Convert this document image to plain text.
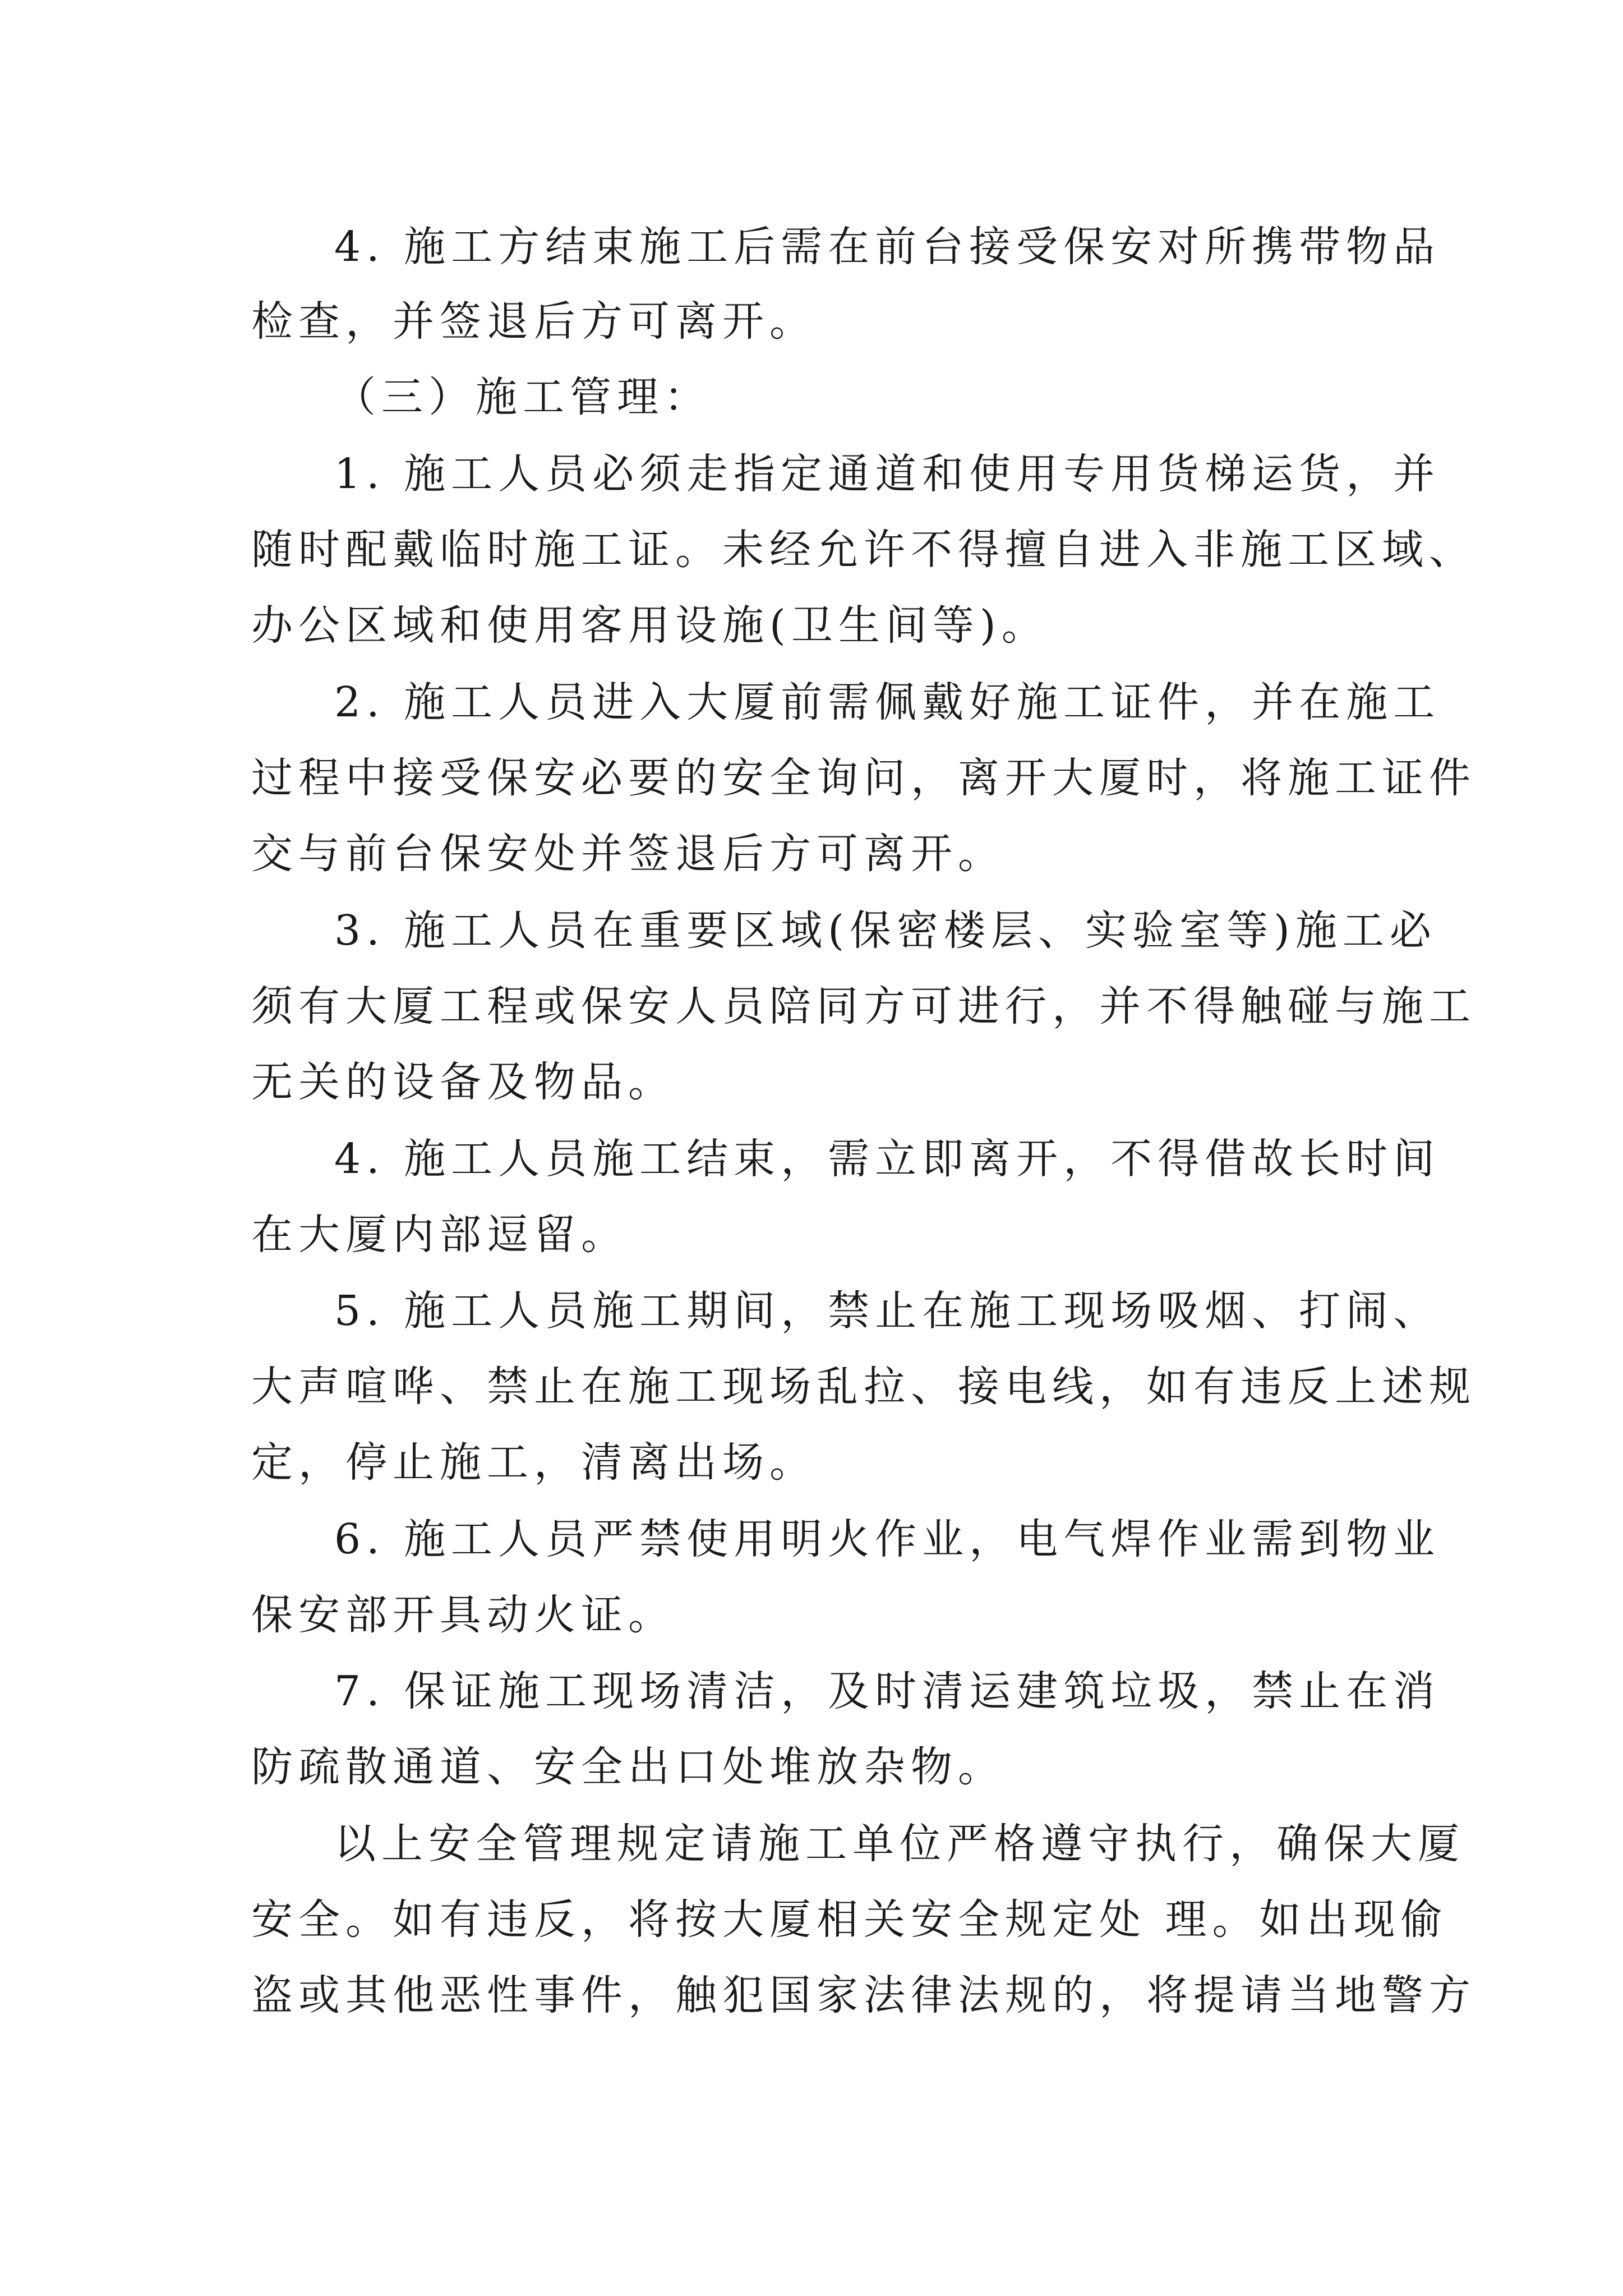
4. 施工方结束施工后需在前台接受保安对所携带物品
检查，并签退后方可离开。
（三）施工管理：
1. 施工人员必须走指定通道和使用专用货梯运货，并
随时配戴临时施工证。未经允许不得擅自进入非施工区域、
办公区域和使用客用设施(卫生间等)。
2. 施工人员进入大厦前需佩戴好施工证件，并在施工
过程中接受保安必要的安全询问，离开大厦时，将施工证件
交与前台保安处并签退后方可离开。
3. 施工人员在重要区域(保密楼层、实验室等)施工必
须有大厦工程或保安人员陪同方可进行，并不得触碰与施工
无关的设备及物品。
4. 施工人员施工结束，需立即离开，不得借故长时间
在大厦内部逗留。
5. 施工人员施工期间，禁止在施工现场吸烟、打闹、
大声喧哗、禁止在施工现场乱拉、接电线，如有违反上述规
定，停止施工，清离出场。
6. 施工人员严禁使用明火作业，电气焊作业需到物业
保安部开具动火证。
7. 保证施工现场清洁，及时清运建筑垃圾，禁止在消
防疏散通道、安全出口处堆放杂物。
以上安全管理规定请施工单位严格遵守执行，确保大厦
安全。如有违反，将按大厦相关安全规定处 理。如出现偷
盗或其他恶性事件，触犯国家法律法规的，将提请当地警方
